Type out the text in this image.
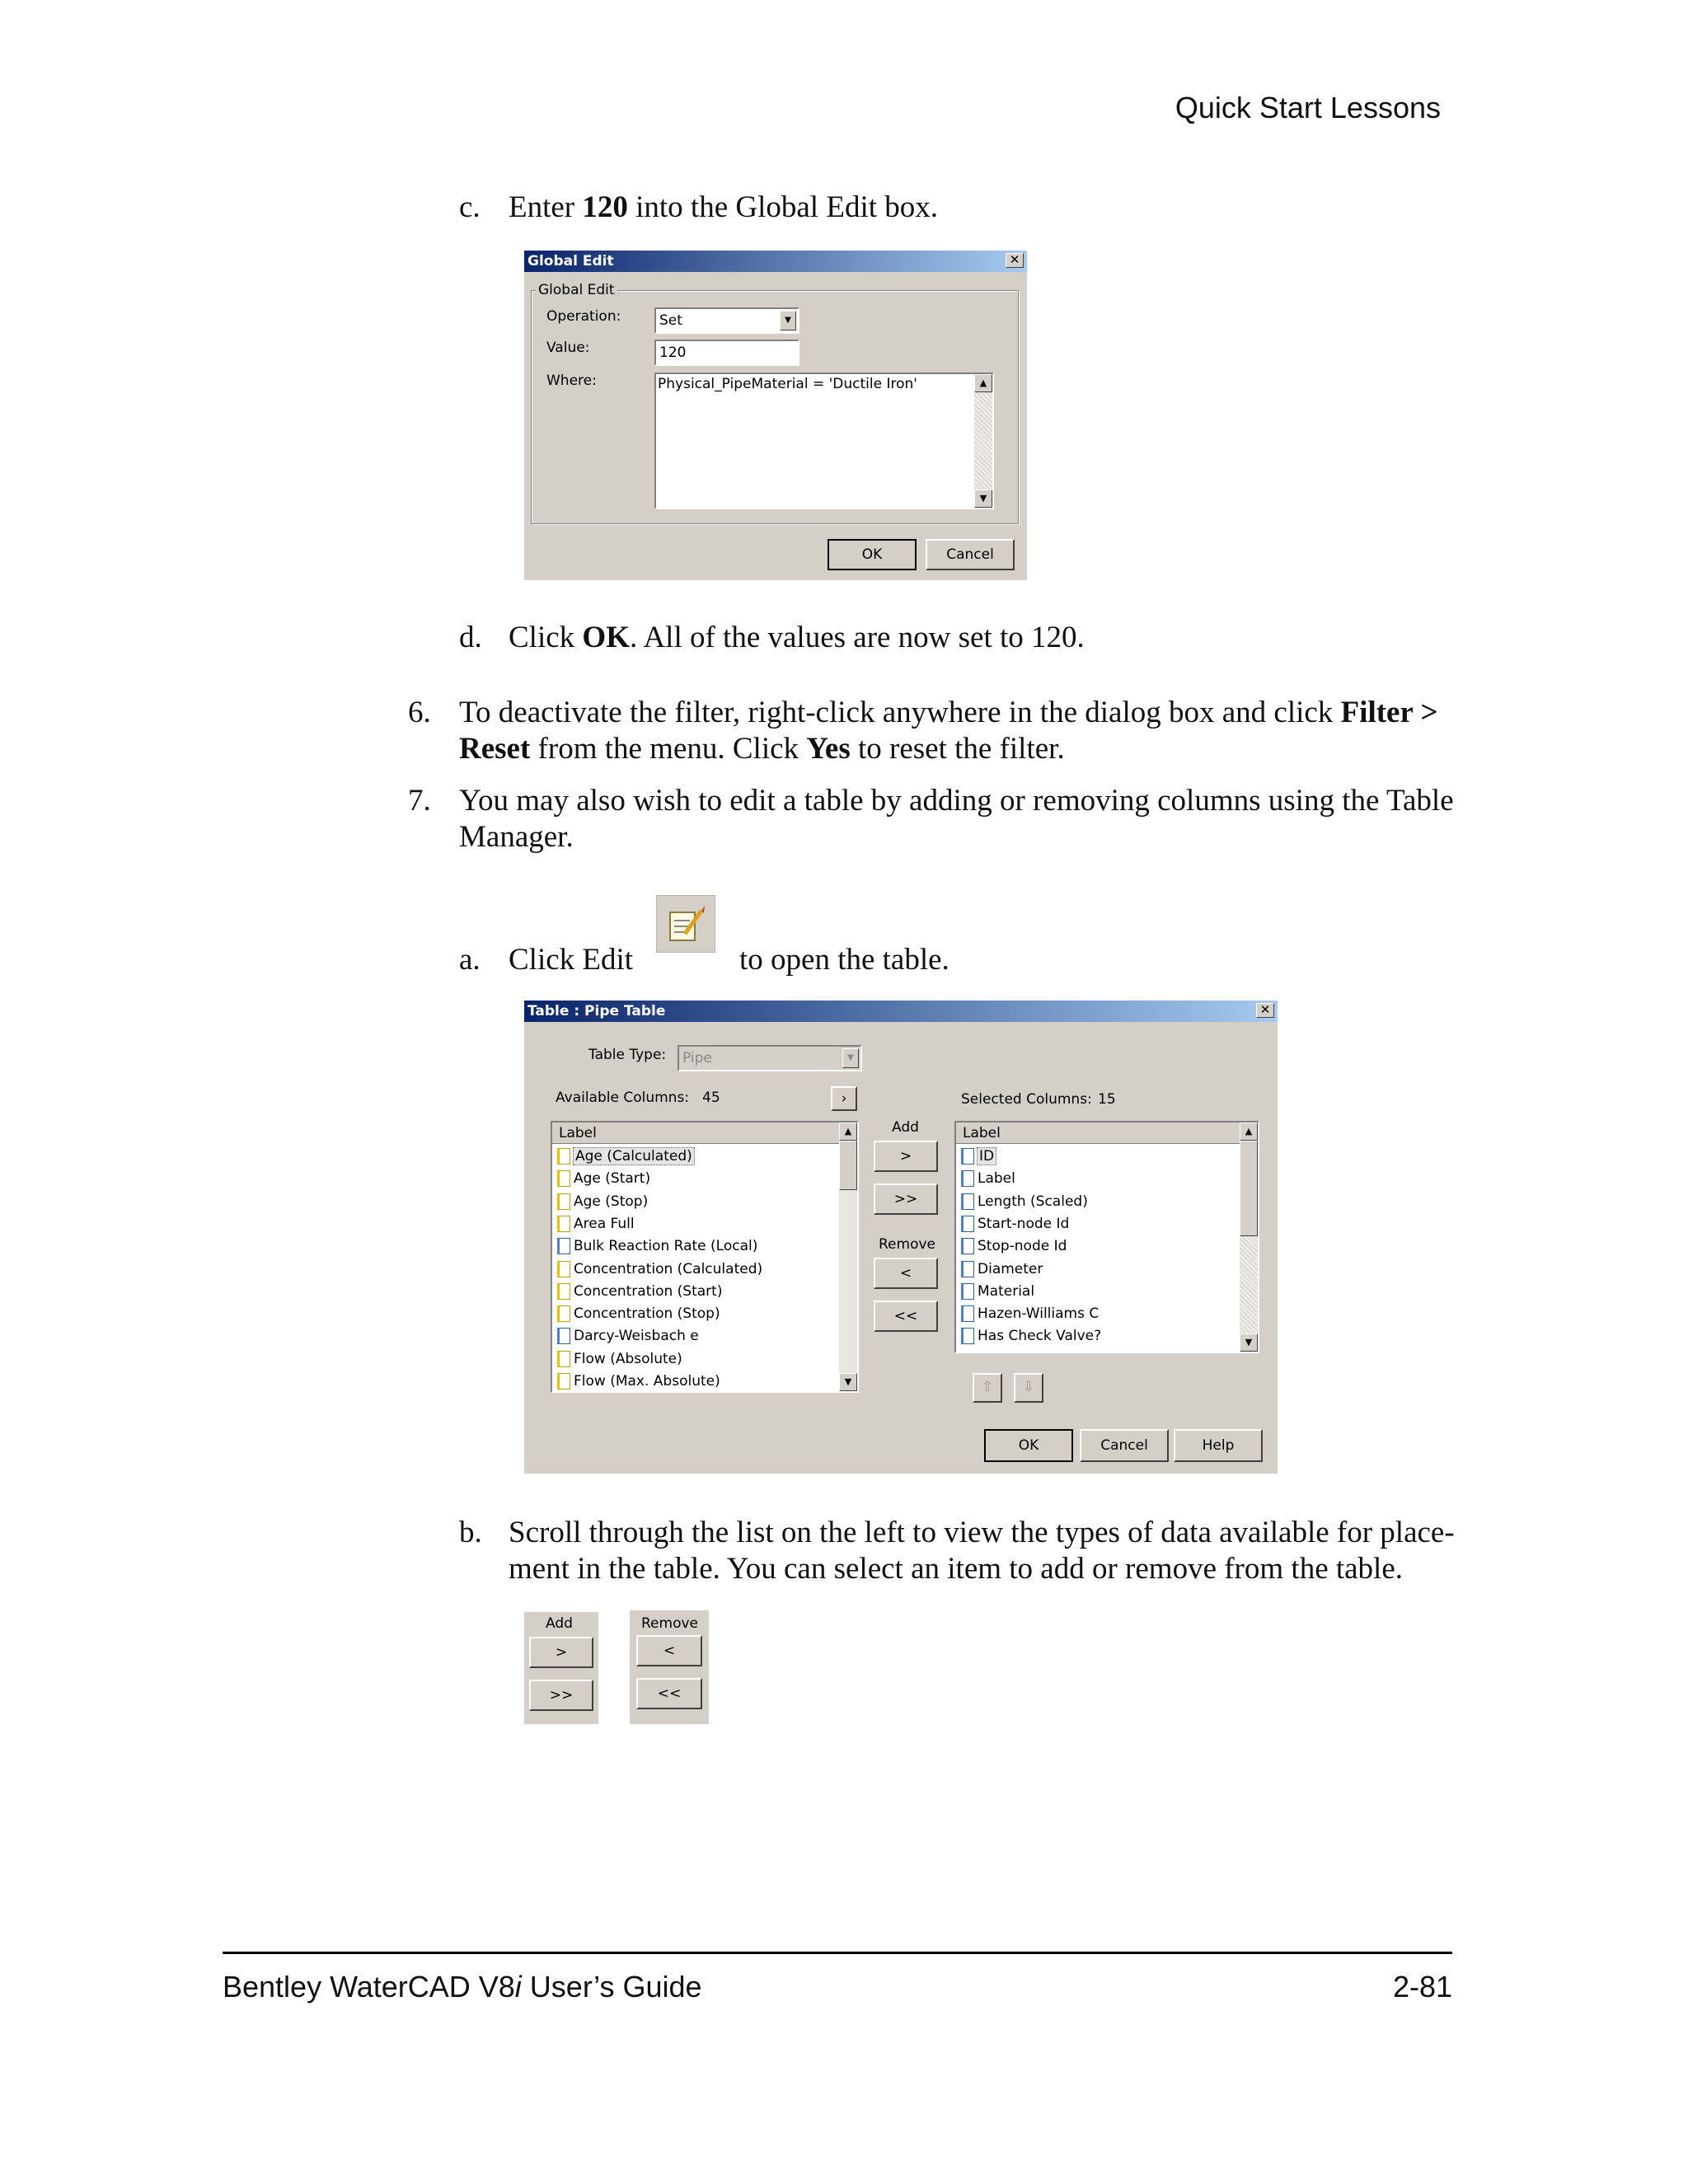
Quick Start Lessons
c. Enter 120 into the Global Edit box.
Global Edit	✕
Global Edit
Operation:	Set	▼
Value:	120
Where:	Physical_PipeMaterial = 'Ductile Iron'	▲
▼
OK	Cancel
d. Click OK. All of the values are now set to 120.
6. To deactivate the filter, right-click anywhere in the dialog box and click Filter >
Reset from the menu. Click Yes to reset the filter.
7. You may also wish to edit a table by adding or removing columns using the Table
Manager.
a. Click Edit	to open the table.
Table : Pipe Table	✕
Table Type: Pipe	▼
Available Columns: 45	›	Selected Columns: 15
Label
Age (Calculated)
Age (Start)
Age (Stop)
Area Full
Bulk Reaction Rate (Local)
Concentration (Calculated)
Concentration (Start)
Concentration (Stop)
Darcy-Weisbach e
Flow (Absolute)
Flow (Max. Absolute)
▲
▼
Add
>
>>
Remove
<
<<
Label
ID
Label
Length (Scaled)
Start-node Id
Stop-node Id
Diameter
Material
Hazen-Williams C
Has Check Valve?
▲
▼
⇧	⇩
OK	Cancel	Help
b. Scroll through the list on the left to view the types of data available for place-
ment in the table. You can select an item to add or remove from the table.
Add
>
>>
Remove
<
<<
Bentley WaterCAD V8i User’s Guide	2-81
